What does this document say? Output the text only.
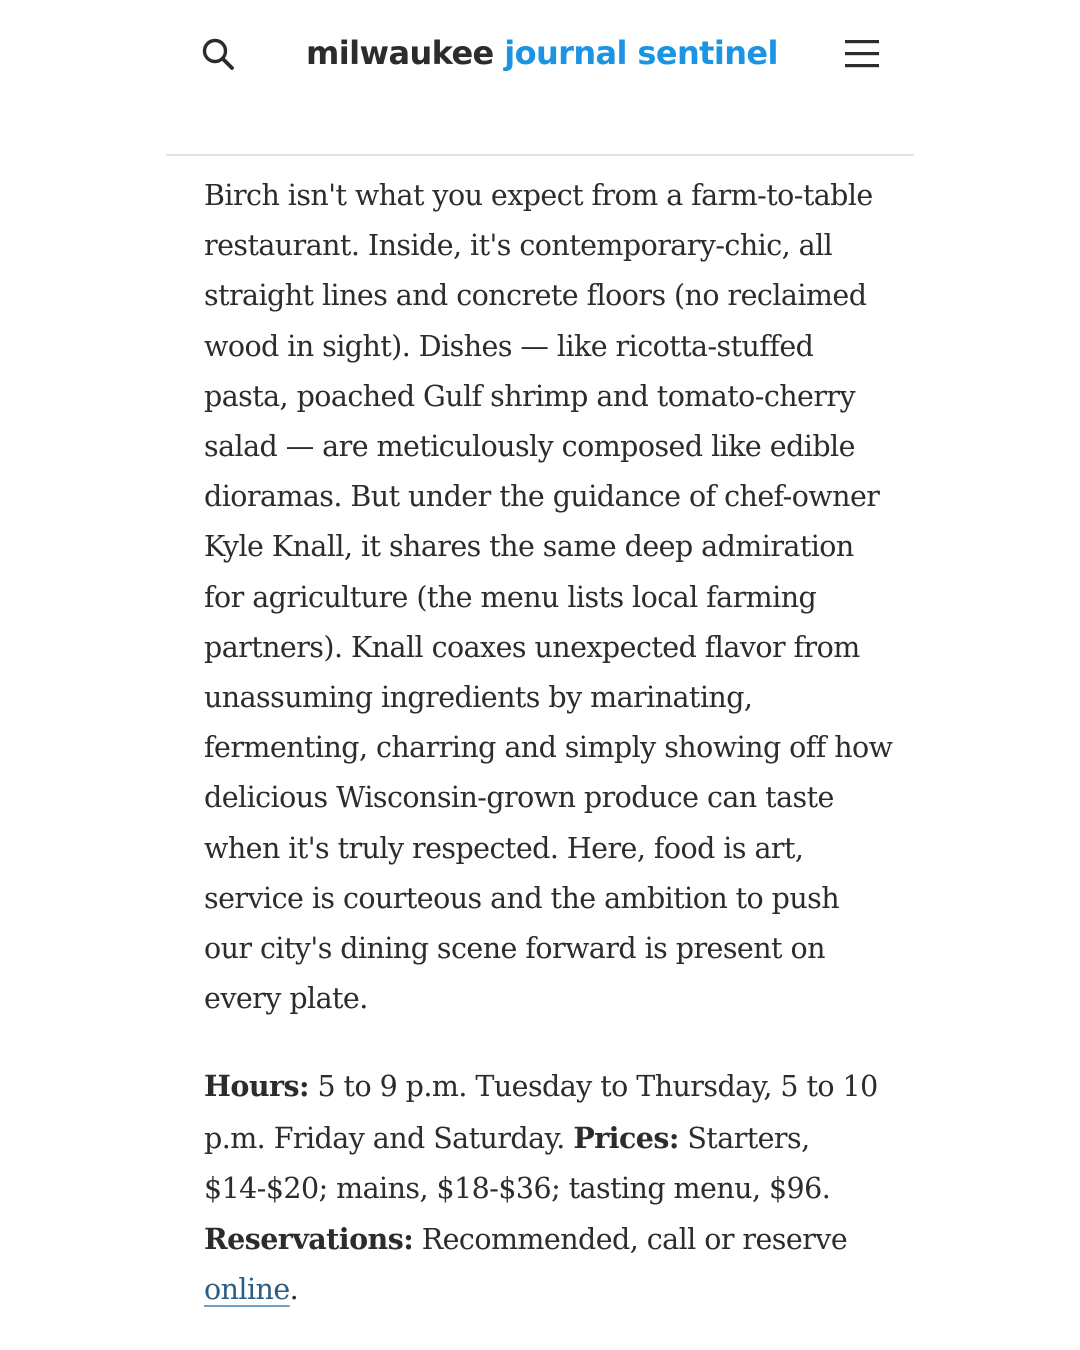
milwaukee journal sentinel

Birch isn't what you expect from a farm-to-table restaurant. Inside, it's contemporary-chic, all straight lines and concrete floors (no reclaimed wood in sight). Dishes — like ricotta-stuffed pasta, poached Gulf shrimp and tomato-cherry salad — are meticulously composed like edible dioramas. But under the guidance of chef-owner Kyle Knall, it shares the same deep admiration for agriculture (the menu lists local farming partners). Knall coaxes unexpected flavor from unassuming ingredients by marinating, fermenting, charring and simply showing off how delicious Wisconsin-grown produce can taste when it's truly respected. Here, food is art, service is courteous and the ambition to push our city's dining scene forward is present on every plate.

Hours: 5 to 9 p.m. Tuesday to Thursday, 5 to 10 p.m. Friday and Saturday. Prices: Starters, $14-$20; mains, $18-$36; tasting menu, $96. Reservations: Recommended, call or reserve online.
